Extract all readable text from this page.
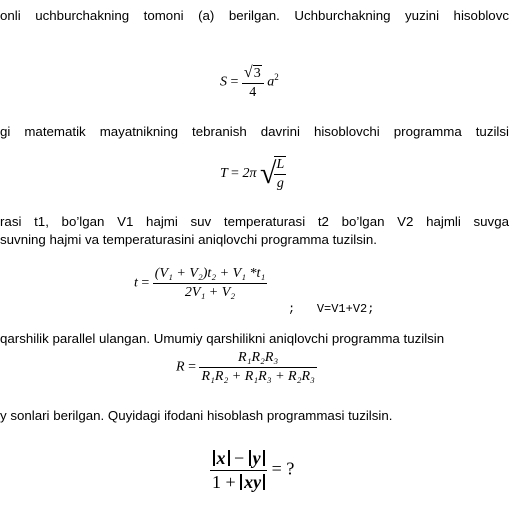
onli uchburchakning tomoni (a) berilgan. Uchburchakning yuzini hisoblovc
gi matematik mayatnikning tebranish davrini hisoblovchi programma tuzilsi
rasi t1, bo’lgan V1 hajmi suv temperaturasi t2 bo’lgan V2 hajmli suvga
suvning hajmi va temperaturasini aniqlovchi programma tuzilsin.
qarshilik parallel ulangan. Umumiy qarshilikni aniqlovchi programma tuzilsin
y sonlari berilgan. Quyidagi ifodani hisoblash programmasi tuzilsin.
$S = \frac{√3}{4} a^2$
T = 2π √
$\frac{L}{g}$
$t = \frac{\text{(V₁ + V₂)t₂ + V₁ *t₁}}{\text{2V₁ + V₂}}$
; V=V1+V2;
$R = \frac{\text{R₁R₂R₃}}{\text{R₁R₂ + R₁R₃ + R₂R₃}}$
$\frac{x - y}{1 + xy}$ = ?
